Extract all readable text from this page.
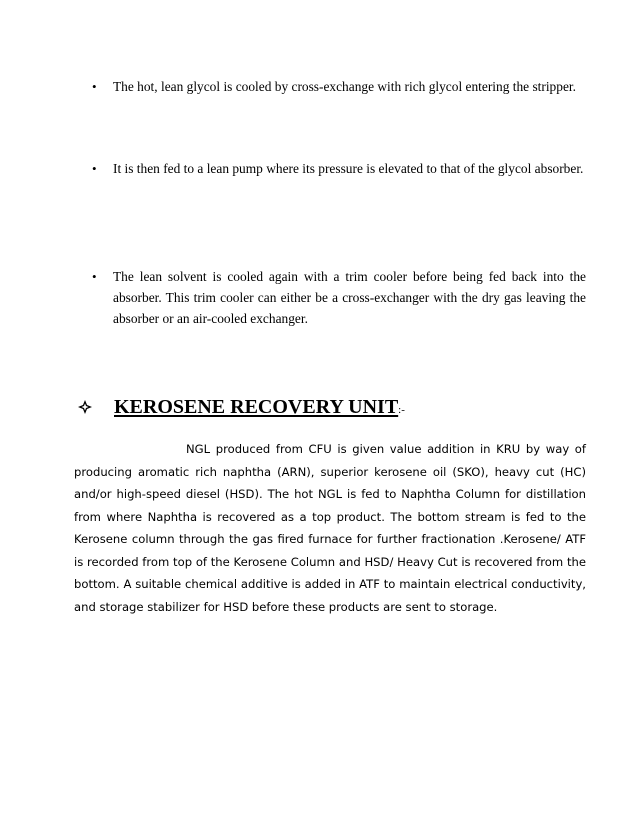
• The hot, lean glycol is cooled by cross-exchange with rich glycol entering the stripper.
• It is then fed to a lean pump where its pressure is elevated to that of the glycol absorber.
• The lean solvent is cooled again with a trim cooler before being fed back into the absorber. This trim cooler can either be a cross-exchanger with the dry gas leaving the absorber or an air-cooled exchanger.
KEROSENE RECOVERY UNIT :-

NGL produced from CFU is given value addition in KRU by way of producing aromatic rich naphtha (ARN), superior kerosene oil (SKO), heavy cut (HC) and/or high-speed diesel (HSD). The hot NGL is fed to Naphtha Column for distillation from where Naphtha is recovered as a top product. The bottom stream is fed to the Kerosene column through the gas fired furnace for further fractionation .Kerosene/ ATF is recorded from top of the Kerosene Column and HSD/ Heavy Cut is recovered from the bottom. A suitable chemical additive is added in ATF to maintain electrical conductivity, and storage stabilizer for HSD before these products are sent to storage.
